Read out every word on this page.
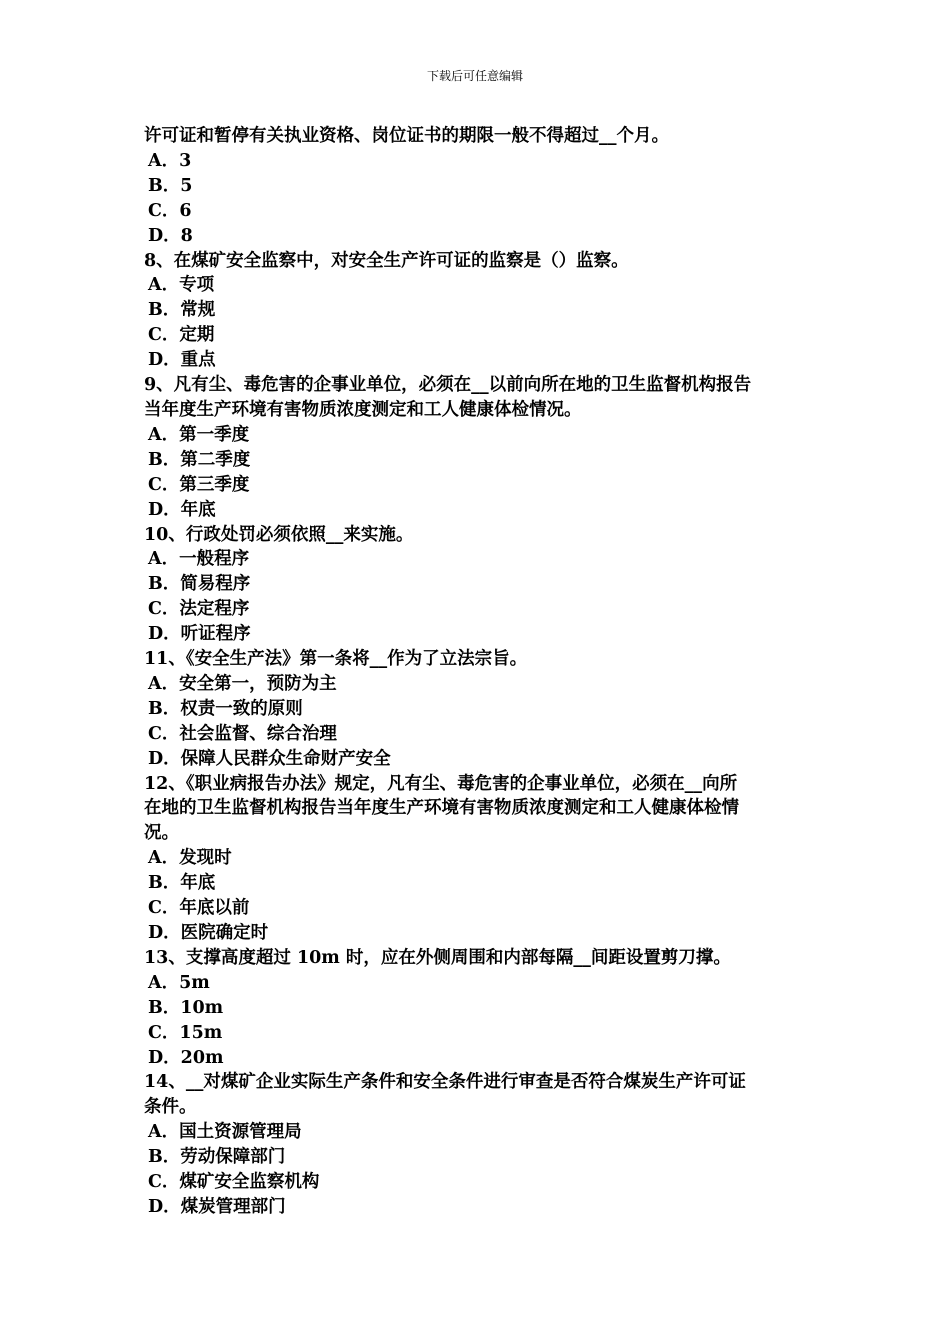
下载后可任意编辑
许可证和暂停有关执业资格、岗位证书的期限一般不得超过__个月。
A．3
B．5
C．6
D．8
8、在煤矿安全监察中，对安全生产许可证的监察是（）监察。
A．专项
B．常规
C．定期
D．重点
9、凡有尘、毒危害的企事业单位，必须在__以前向所在地的卫生监督机构报告
当年度生产环境有害物质浓度测定和工人健康体检情况。
A．第一季度
B．第二季度
C．第三季度
D．年底
10、行政处罚必须依照__来实施。
A．一般程序
B．简易程序
C．法定程序
D．听证程序
11、《安全生产法》第一条将__作为了立法宗旨。
A．安全第一，预防为主
B．权责一致的原则
C．社会监督、综合治理
D．保障人民群众生命财产安全
12、《职业病报告办法》规定，凡有尘、毒危害的企事业单位，必须在__向所
在地的卫生监督机构报告当年度生产环境有害物质浓度测定和工人健康体检情
况。
A．发现时
B．年底
C．年底以前
D．医院确定时
13、支撑高度超过 10m 时，应在外侧周围和内部每隔__间距设置剪刀撑。
A．5m
B．10m
C．15m
D．20m
14、__对煤矿企业实际生产条件和安全条件进行审查是否符合煤炭生产许可证
条件。
A．国土资源管理局
B．劳动保障部门
C．煤矿安全监察机构
D．煤炭管理部门
